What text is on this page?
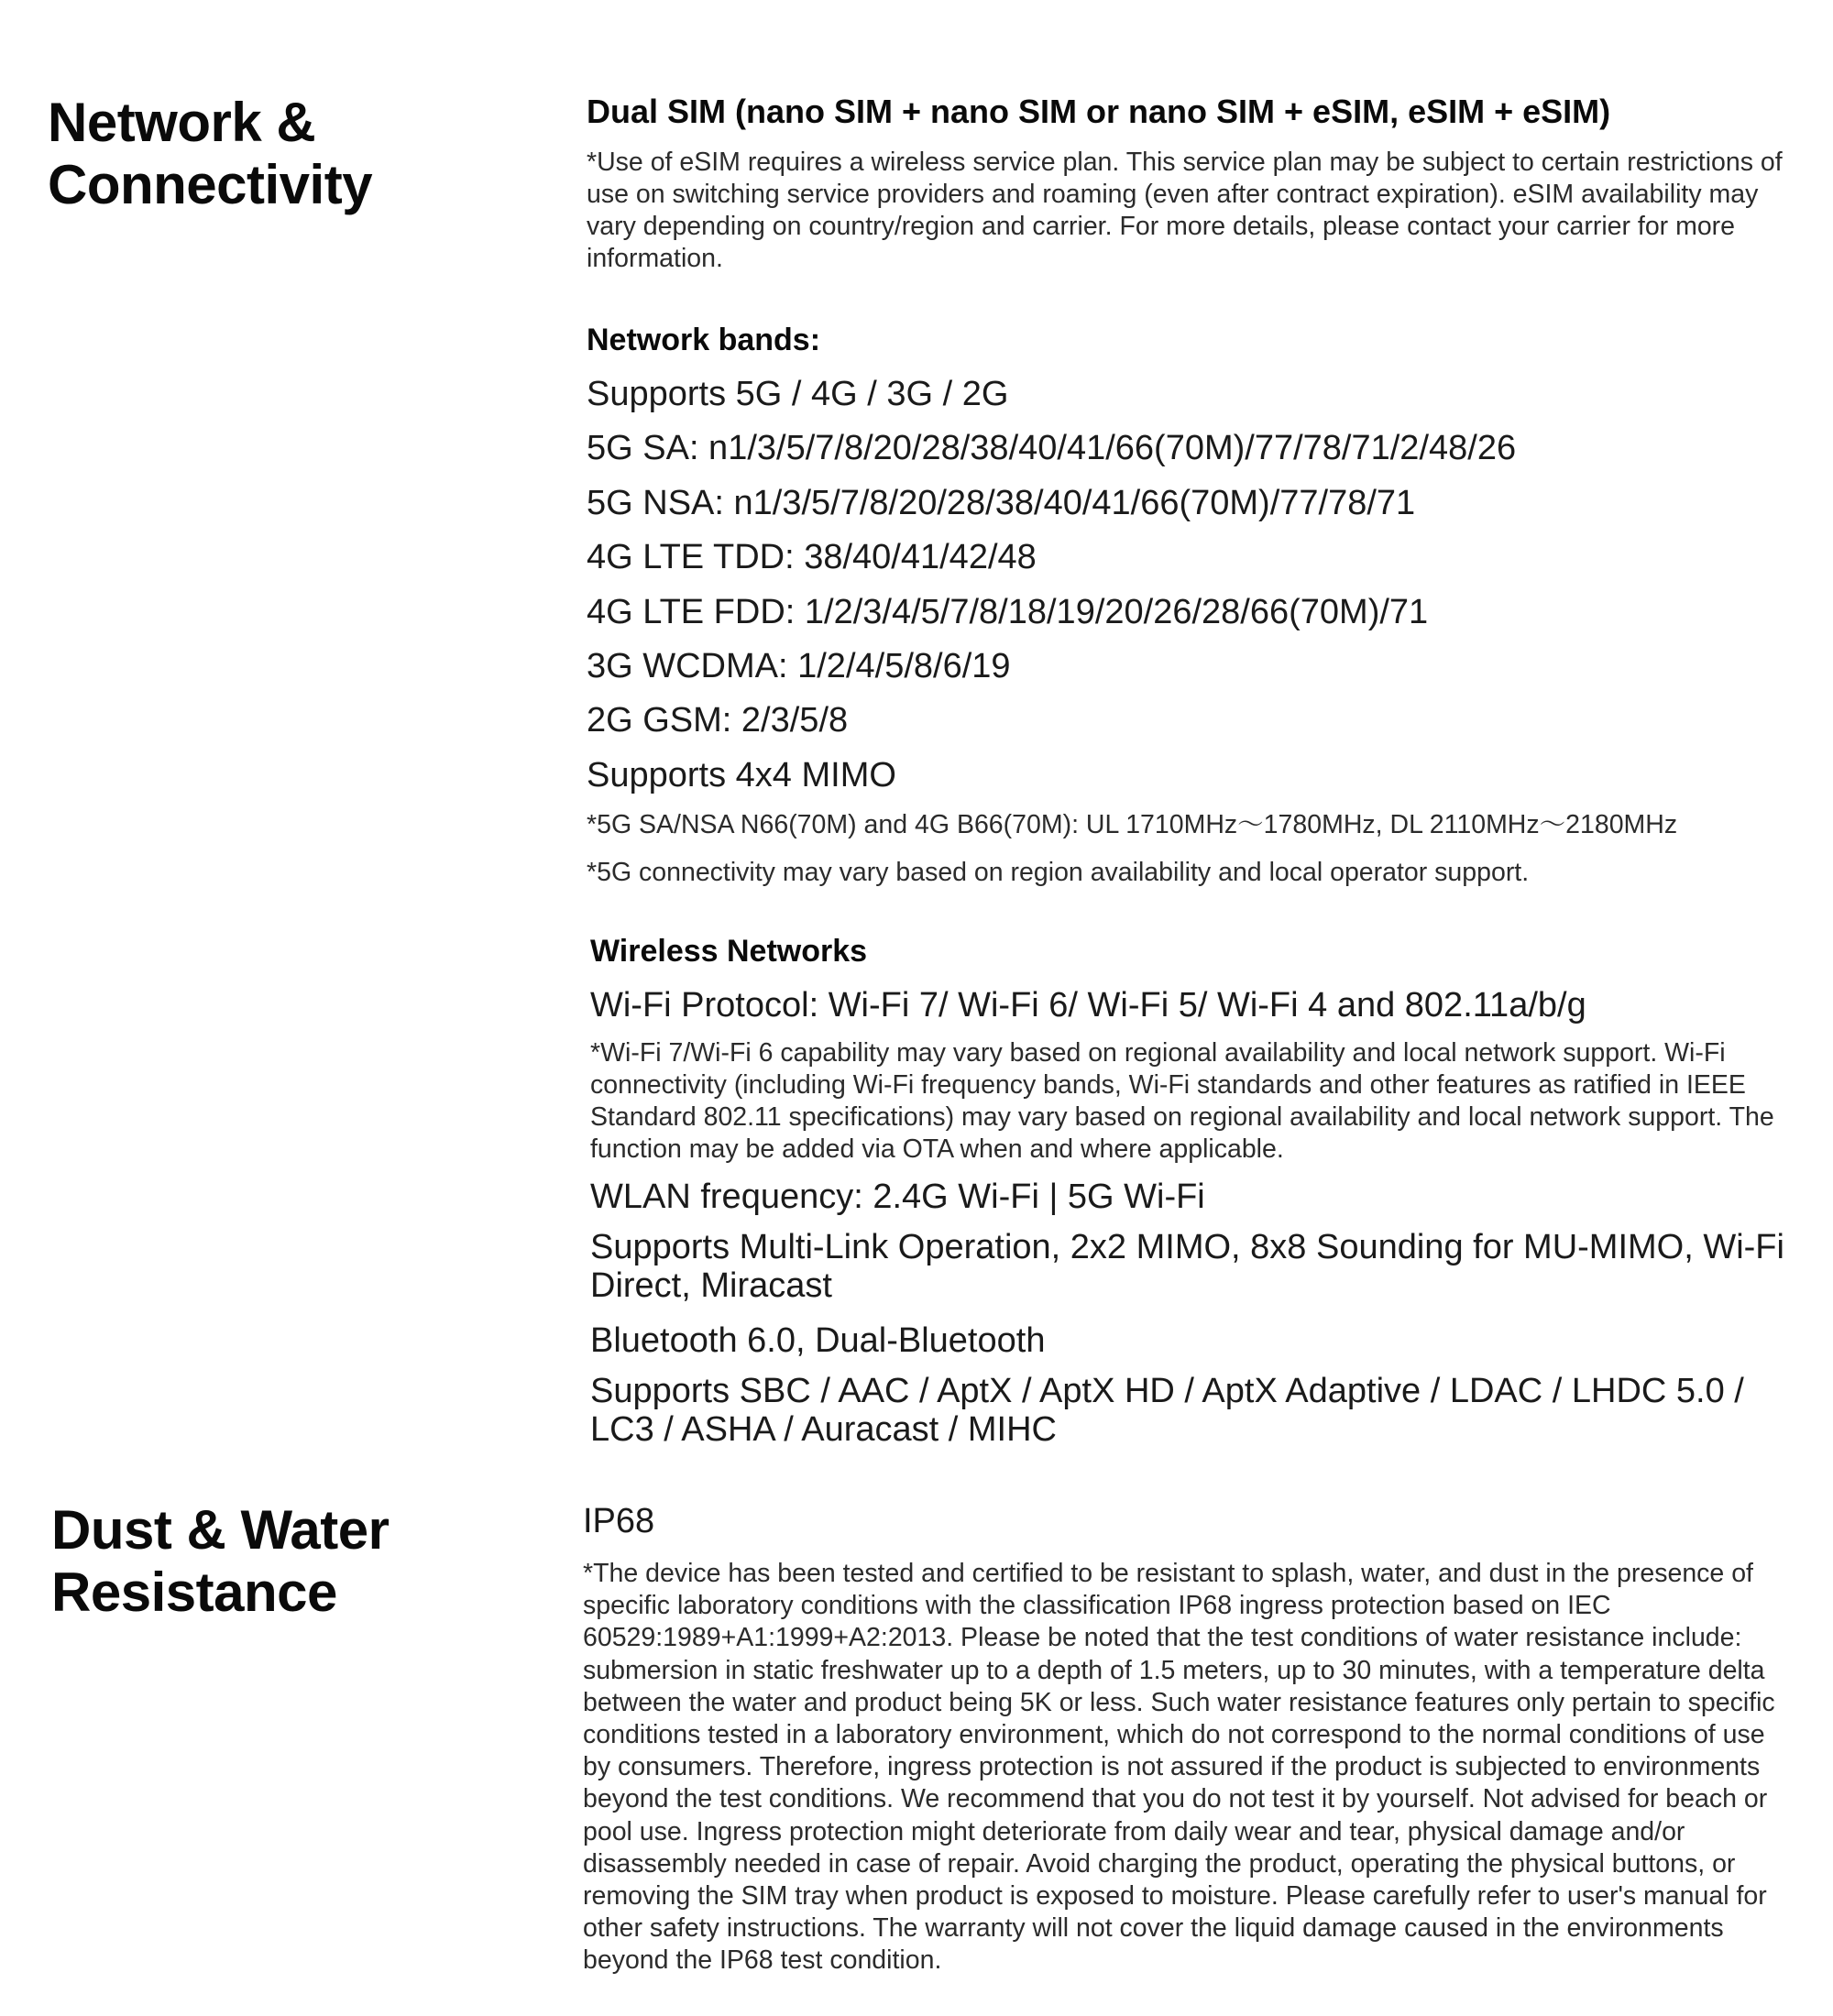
Network &
Connectivity
Dual SIM (nano SIM + nano SIM or nano SIM + eSIM, eSIM + eSIM)
*Use of eSIM requires a wireless service plan. This service plan may be subject to certain restrictions of use on switching service providers and roaming (even after contract expiration). eSIM availability may vary depending on country/region and carrier. For more details, please contact your carrier for more information.
Network bands:
Supports 5G / 4G / 3G / 2G
5G SA: n1/3/5/7/8/20/28/38/40/41/66(70M)/77/78/71/2/48/26
5G NSA: n1/3/5/7/8/20/28/38/40/41/66(70M)/77/78/71
4G LTE TDD: 38/40/41/42/48
4G LTE FDD: 1/2/3/4/5/7/8/18/19/20/26/28/66(70M)/71
3G WCDMA: 1/2/4/5/8/6/19
2G GSM: 2/3/5/8
Supports 4x4 MIMO
*5G SA/NSA N66(70M) and 4G B66(70M): UL 1710MHz～1780MHz, DL 2110MHz～2180MHz
*5G connectivity may vary based on region availability and local operator support.
Wireless Networks
Wi-Fi Protocol: Wi-Fi 7/ Wi-Fi 6/ Wi-Fi 5/ Wi-Fi 4 and 802.11a/b/g
*Wi-Fi 7/Wi-Fi 6 capability may vary based on regional availability and local network support. Wi-Fi connectivity (including Wi-Fi frequency bands, Wi-Fi standards and other features as ratified in IEEE Standard 802.11 specifications) may vary based on regional availability and local network support. The function may be added via OTA when and where applicable.
WLAN frequency: 2.4G Wi-Fi | 5G Wi-Fi
Supports Multi-Link Operation, 2x2 MIMO, 8x8 Sounding for MU-MIMO, Wi-Fi Direct, Miracast
Bluetooth 6.0, Dual-Bluetooth
Supports SBC / AAC / AptX / AptX HD / AptX Adaptive / LDAC / LHDC 5.0 / LC3 / ASHA / Auracast / MIHC
Dust & Water
Resistance
IP68
*The device has been tested and certified to be resistant to splash, water, and dust in the presence of specific laboratory conditions with the classification IP68 ingress protection based on IEC 60529:1989+A1:1999+A2:2013. Please be noted that the test conditions of water resistance include: submersion in static freshwater up to a depth of 1.5 meters, up to 30 minutes, with a temperature delta between the water and product being 5K or less. Such water resistance features only pertain to specific conditions tested in a laboratory environment, which do not correspond to the normal conditions of use by consumers. Therefore, ingress protection is not assured if the product is subjected to environments beyond the test conditions. We recommend that you do not test it by yourself. Not advised for beach or pool use. Ingress protection might deteriorate from daily wear and tear, physical damage and/or disassembly needed in case of repair. Avoid charging the product, operating the physical buttons, or removing the SIM tray when product is exposed to moisture. Please carefully refer to user's manual for other safety instructions. The warranty will not cover the liquid damage caused in the environments beyond the IP68 test condition.
